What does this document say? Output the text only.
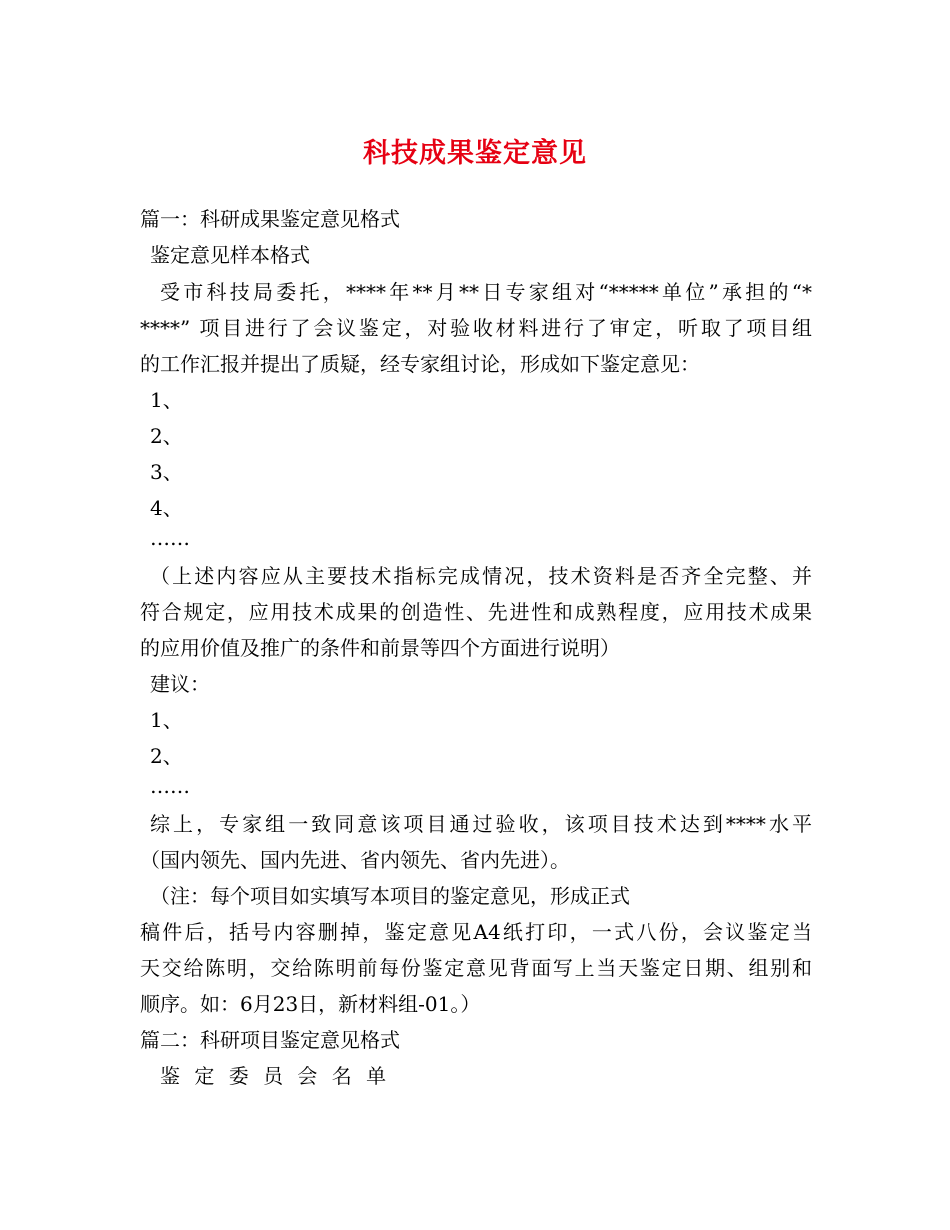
科技成果鉴定意见
篇一：科研成果鉴定意见格式
鉴定意见样本格式
受市科技局委托，****年**月**日专家组对“*****单位”承担的“*
****” 项目进行了会议鉴定，对验收材料进行了审定，听取了项目组
的工作汇报并提出了质疑，经专家组讨论，形成如下鉴定意见：
1、
2、
3、
4、
……
（上述内容应从主要技术指标完成情况，技术资料是否齐全完整、并
符合规定，应用技术成果的创造性、先进性和成熟程度，应用技术成果
的应用价值及推广的条件和前景等四个方面进行说明）
建议：
1、
2、
……
综上，专家组一致同意该项目通过验收，该项目技术达到****水平
（国内领先、国内先进、省内领先、省内先进）。
（注：每个项目如实填写本项目的鉴定意见，形成正式
稿件后，括号内容删掉，鉴定意见A4纸打印，一式八份，会议鉴定当
天交给陈明，交给陈明前每份鉴定意见背面写上当天鉴定日期、组别和
顺序。如：6月23日，新材料组-01。）
篇二：科研项目鉴定意见格式
鉴 定 委 员 会 名 单
